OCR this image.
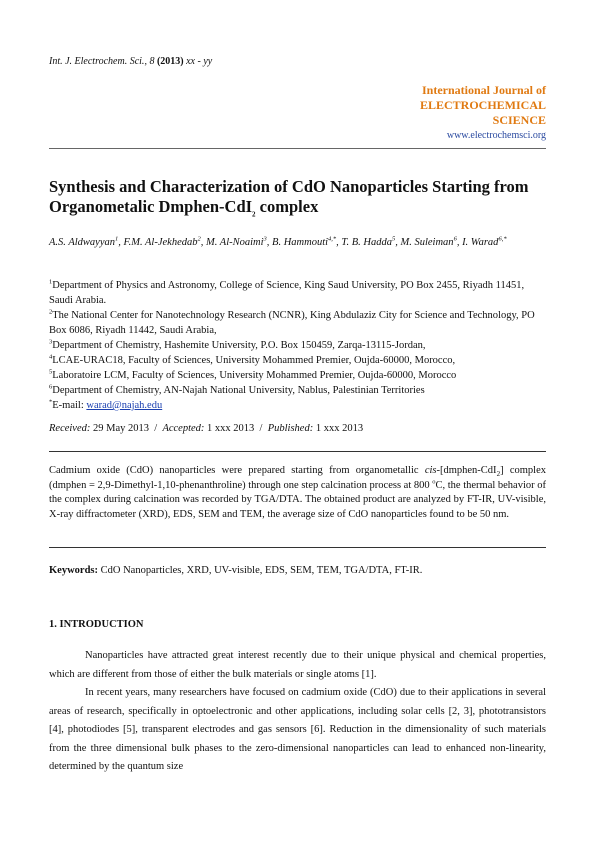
Int. J. Electrochem. Sci., 8 (2013) xx - yy
International Journal of
ELECTROCHEMICAL
SCIENCE
www.electrochemsci.org
Synthesis and Characterization of CdO Nanoparticles Starting from Organometalic Dmphen-CdI$_2$ complex
A.S. Aldwayyan$^1$, F.M. Al-Jekhedab$^2$, M. Al-Noaimi$^3$, B. Hammouti$^{4,*}$, T. B. Hadda$^5$, M. Suleiman$^6$, I. Warad$^{6,*}$
$^1$Department of Physics and Astronomy, College of Science, King Saud University, PO Box 2455, Riyadh 11451, Saudi Arabia.
$^2$The National Center for Nanotechnology Research (NCNR), King Abdulaziz City for Science and Technology, PO Box 6086, Riyadh 11442, Saudi Arabia,
$^3$Department of Chemistry, Hashemite University, P.O. Box 150459, Zarqa-13115-Jordan,
$^4$LCAE-URAC18, Faculty of Sciences, University Mohammed Premier, Oujda-60000, Morocco,
$^5$Laboratoire LCM, Faculty of Sciences, University Mohammed Premier, Oujda-60000, Morocco
$^6$Department of Chemistry, AN-Najah National University, Nablus, Palestinian Territories
*E-mail: warad@najah.edu
Received: 29 May 2013 / Accepted: 1 xxx 2013 / Published: 1 xxx 2013
Cadmium oxide (CdO) nanoparticles were prepared starting from organometallic cis-[dmphen-CdI$_2$] complex (dmphen = 2,9-Dimethyl-1,10-phenanthroline) through one step calcination process at 800 $^o$C, the thermal behavior of the complex during calcination was recorded by TGA/DTA. The obtained product are analyzed by FT-IR, UV-visible, X-ray diffractometer (XRD), EDS, SEM and TEM, the average size of CdO nanoparticles found to be 50 nm.
Keywords: CdO Nanoparticles, XRD, UV-visible, EDS, SEM, TEM, TGA/DTA, FT-IR.
1. INTRODUCTION

Nanoparticles have attracted great interest recently due to their unique physical and chemical properties, which are different from those of either the bulk materials or single atoms [1].

In recent years, many researchers have focused on cadmium oxide (CdO) due to their applications in several areas of research, specifically in optoelectronic and other applications, including solar cells [2, 3], phototransistors [4], photodiodes [5], transparent electrodes and gas sensors [6]. Reduction in the dimensionality of such materials from the three dimensional bulk phases to the zero-dimensional nanoparticles can lead to enhanced non-linearity, determined by the quantum size
